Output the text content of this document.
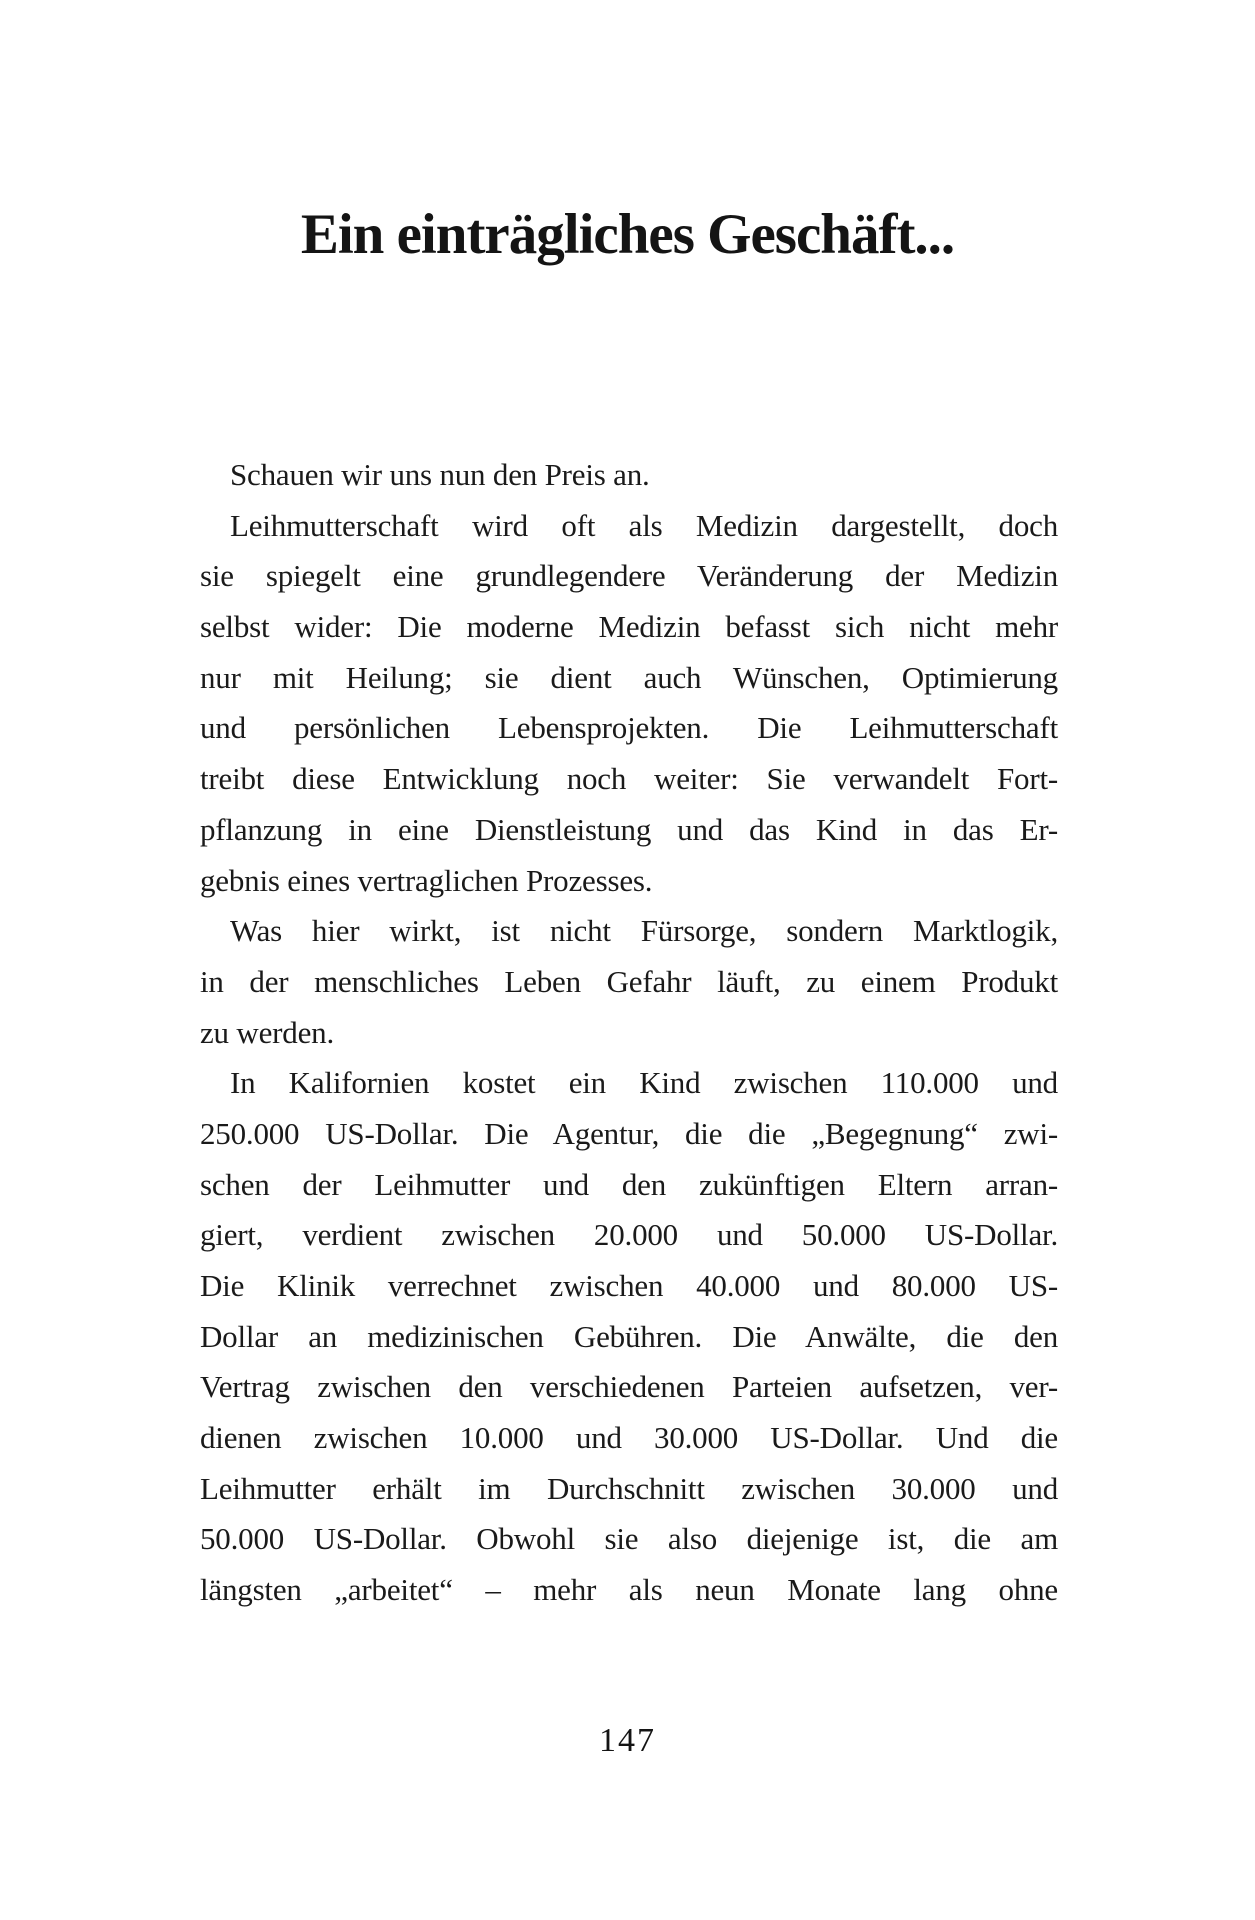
Ein einträgliches Geschäft...
Schauen wir uns nun den Preis an.
Leihmutterschaft wird oft als Medizin dargestellt, doch
sie spiegelt eine grundlegendere Veränderung der Medizin
selbst wider: Die moderne Medizin befasst sich nicht mehr
nur mit Heilung; sie dient auch Wünschen, Optimierung
und persönlichen Lebensprojekten. Die Leihmutterschaft
treibt diese Entwicklung noch weiter: Sie verwandelt Fort-
pflanzung in eine Dienstleistung und das Kind in das Er-
gebnis eines vertraglichen Prozesses.
Was hier wirkt, ist nicht Fürsorge, sondern Marktlogik,
in der menschliches Leben Gefahr läuft, zu einem Produkt
zu werden.
In Kalifornien kostet ein Kind zwischen 110.000 und
250.000 US-Dollar. Die Agentur, die die „Begegnung“ zwi-
schen der Leihmutter und den zukünftigen Eltern arran-
giert, verdient zwischen 20.000 und 50.000 US-Dollar.
Die Klinik verrechnet zwischen 40.000 und 80.000 US-
Dollar an medizinischen Gebühren. Die Anwälte, die den
Vertrag zwischen den verschiedenen Parteien aufsetzen, ver-
dienen zwischen 10.000 und 30.000 US-Dollar. Und die
Leihmutter erhält im Durchschnitt zwischen 30.000 und
50.000 US-Dollar. Obwohl sie also diejenige ist, die am
längsten „arbeitet“ – mehr als neun Monate lang ohne
147
